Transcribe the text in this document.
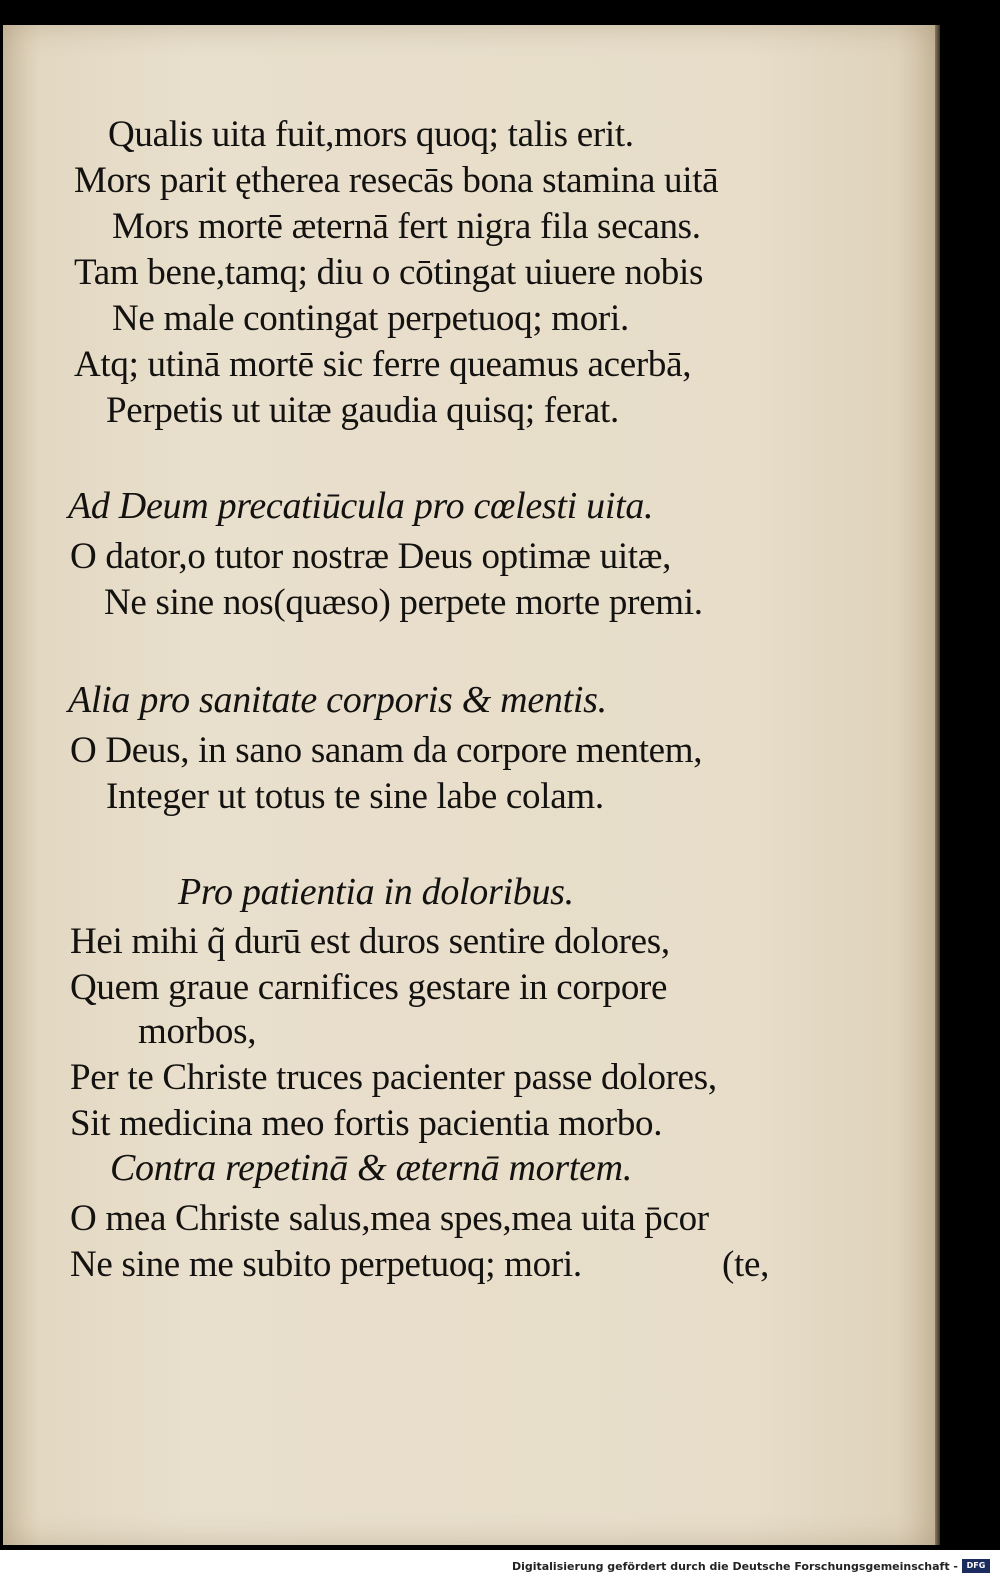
Qualis uita fuit,mors quoq; talis erit.
Mors parit ętherea resecās bona stamina uitā
Mors mortē æternā fert nigra fila secans.
Tam bene,tamq; diu o cōtingat uiuere nobis
Ne male contingat perpetuoq; mori.
Atq; utinā mortē sic ferre queamus acerbā,
Perpetis ut uitæ gaudia quisq; ferat.
Ad Deum precatiūcula pro cœlesti uita.
O dator,o tutor nostræ Deus optimæ uitæ,
Ne sine nos(quæso) perpete morte premi.
Alia pro sanitate corporis & mentis.
O Deus, in sano sanam da corpore mentem,
Integer ut totus te sine labe colam.
Pro patientia in doloribus.
Hei mihi q̃ durū est duros sentire dolores,
Quem graue carnifices gestare in corpore
morbos,
Per te Christe truces pacienter passe dolores,
Sit medicina meo fortis pacientia morbo.
Contra repetinā & æternā mortem.
O mea Christe salus,mea spes,mea uita p̄cor
Ne sine me subito perpetuoq; mori.	(te,
Digitalisierung gefördert durch die Deutsche Forschungsgemeinschaft -	DFG
